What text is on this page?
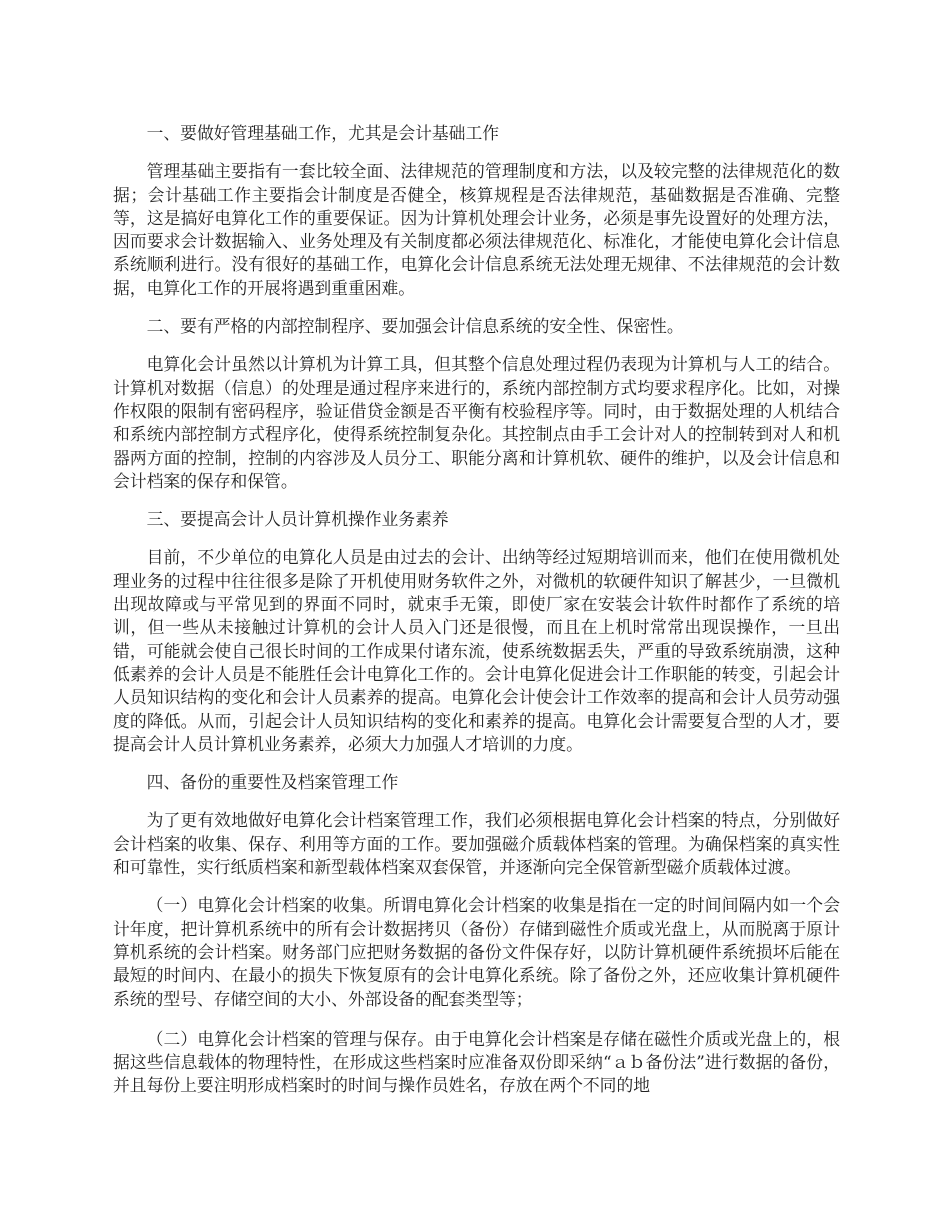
一、要做好管理基础工作，尤其是会计基础工作

管理基础主要指有一套比较全面、法律规范的管理制度和方法，以及较完整的法律规范化的数据；会计基础工作主要指会计制度是否健全，核算规程是否法律规范，基础数据是否准确、完整等，这是搞好电算化工作的重要保证。因为计算机处理会计业务，必须是事先设置好的处理方法，因而要求会计数据输入、业务处理及有关制度都必须法律规范化、标准化，才能使电算化会计信息系统顺利进行。没有很好的基础工作，电算化会计信息系统无法处理无规律、不法律规范的会计数据，电算化工作的开展将遇到重重困难。

二、要有严格的内部控制程序、要加强会计信息系统的安全性、保密性。

电算化会计虽然以计算机为计算工具，但其整个信息处理过程仍表现为计算机与人工的结合。计算机对数据（信息）的处理是通过程序来进行的，系统内部控制方式均要求程序化。比如，对操作权限的限制有密码程序，验证借贷金额是否平衡有校验程序等。同时，由于数据处理的人机结合和系统内部控制方式程序化，使得系统控制复杂化。其控制点由手工会计对人的控制转到对人和机器两方面的控制，控制的内容涉及人员分工、职能分离和计算机软、硬件的维护，以及会计信息和会计档案的保存和保管。

三、要提高会计人员计算机操作业务素养

目前，不少单位的电算化人员是由过去的会计、出纳等经过短期培训而来，他们在使用微机处理业务的过程中往往很多是除了开机使用财务软件之外，对微机的软硬件知识了解甚少，一旦微机出现故障或与平常见到的界面不同时，就束手无策，即使厂家在安装会计软件时都作了系统的培训，但一些从未接触过计算机的会计人员入门还是很慢，而且在上机时常常出现误操作，一旦出错，可能就会使自己很长时间的工作成果付诸东流，使系统数据丢失，严重的导致系统崩溃，这种低素养的会计人员是不能胜任会计电算化工作的。会计电算化促进会计工作职能的转变，引起会计人员知识结构的变化和会计人员素养的提高。电算化会计使会计工作效率的提高和会计人员劳动强度的降低。从而，引起会计人员知识结构的变化和素养的提高。电算化会计需要复合型的人才，要提高会计人员计算机业务素养，必须大力加强人才培训的力度。

四、备份的重要性及档案管理工作

为了更有效地做好电算化会计档案管理工作，我们必须根据电算化会计档案的特点，分别做好会计档案的收集、保存、利用等方面的工作。要加强磁介质载体档案的管理。为确保档案的真实性和可靠性，实行纸质档案和新型载体档案双套保管，并逐渐向完全保管新型磁介质载体过渡。

（一）电算化会计档案的收集。所谓电算化会计档案的收集是指在一定的时间间隔内如一个会计年度，把计算机系统中的所有会计数据拷贝（备份）存储到磁性介质或光盘上，从而脱离于原计算机系统的会计档案。财务部门应把财务数据的备份文件保存好，以防计算机硬件系统损坏后能在最短的时间内、在最小的损失下恢复原有的会计电算化系统。除了备份之外，还应收集计算机硬件系统的型号、存储空间的大小、外部设备的配套类型等；

（二）电算化会计档案的管理与保存。由于电算化会计档案是存储在磁性介质或光盘上的，根据这些信息载体的物理特性，在形成这些档案时应准备双份即采纳“ａｂ备份法”进行数据的备份，并且每份上要注明形成档案时的时间与操作员姓名，存放在两个不同的地
